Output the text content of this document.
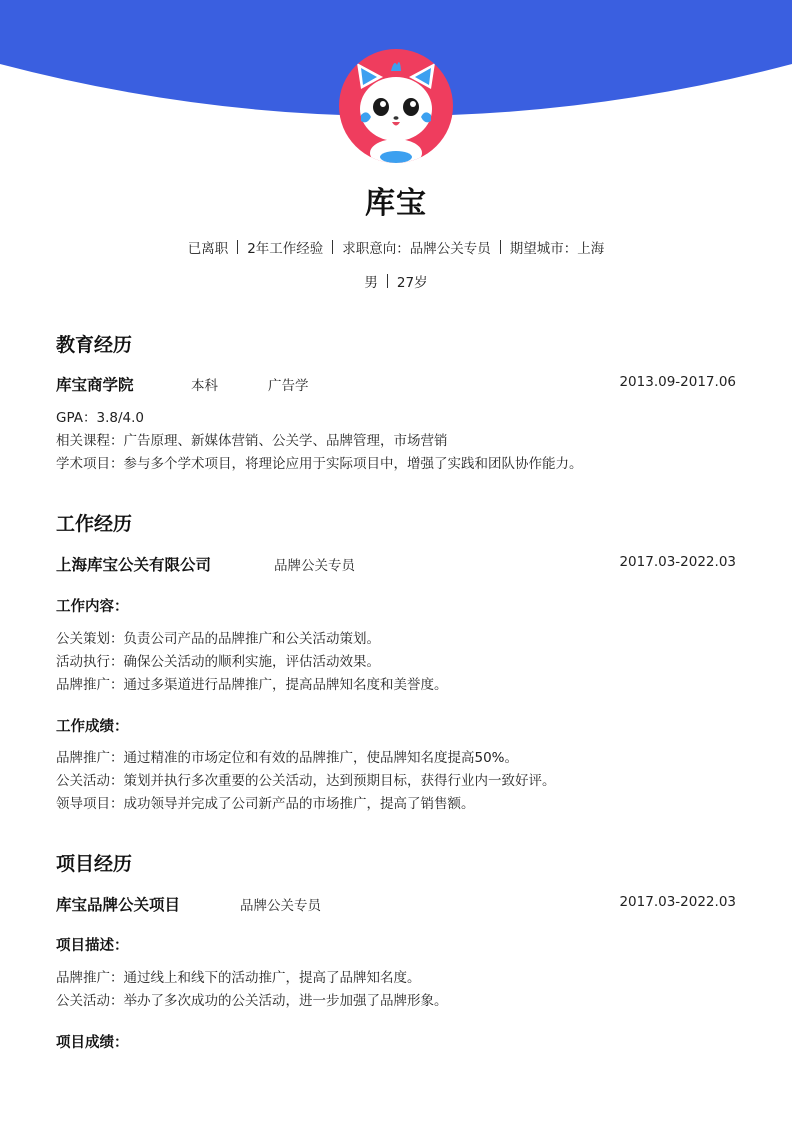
库宝
已离职 2年工作经验 求职意向：品牌公关专员 期望城市：上海
男 27岁
教育经历
库宝商学院	本科	广告学	2013.09-2017.06
GPA：3.8/4.0
相关课程：广告原理、新媒体营销、公关学、品牌管理，市场营销
学术项目：参与多个学术项目，将理论应用于实际项目中，增强了实践和团队协作能力。
工作经历
上海库宝公关有限公司	品牌公关专员	2017.03-2022.03
工作内容：
公关策划：负责公司产品的品牌推广和公关活动策划。
活动执行：确保公关活动的顺利实施，评估活动效果。
品牌推广：通过多渠道进行品牌推广，提高品牌知名度和美誉度。
工作成绩：
品牌推广：通过精准的市场定位和有效的品牌推广，使品牌知名度提高50%。
公关活动：策划并执行多次重要的公关活动，达到预期目标，获得行业内一致好评。
领导项目：成功领导并完成了公司新产品的市场推广，提高了销售额。
项目经历
库宝品牌公关项目	品牌公关专员	2017.03-2022.03
项目描述：
品牌推广：通过线上和线下的活动推广，提高了品牌知名度。
公关活动：举办了多次成功的公关活动，进一步加强了品牌形象。
项目成绩：
